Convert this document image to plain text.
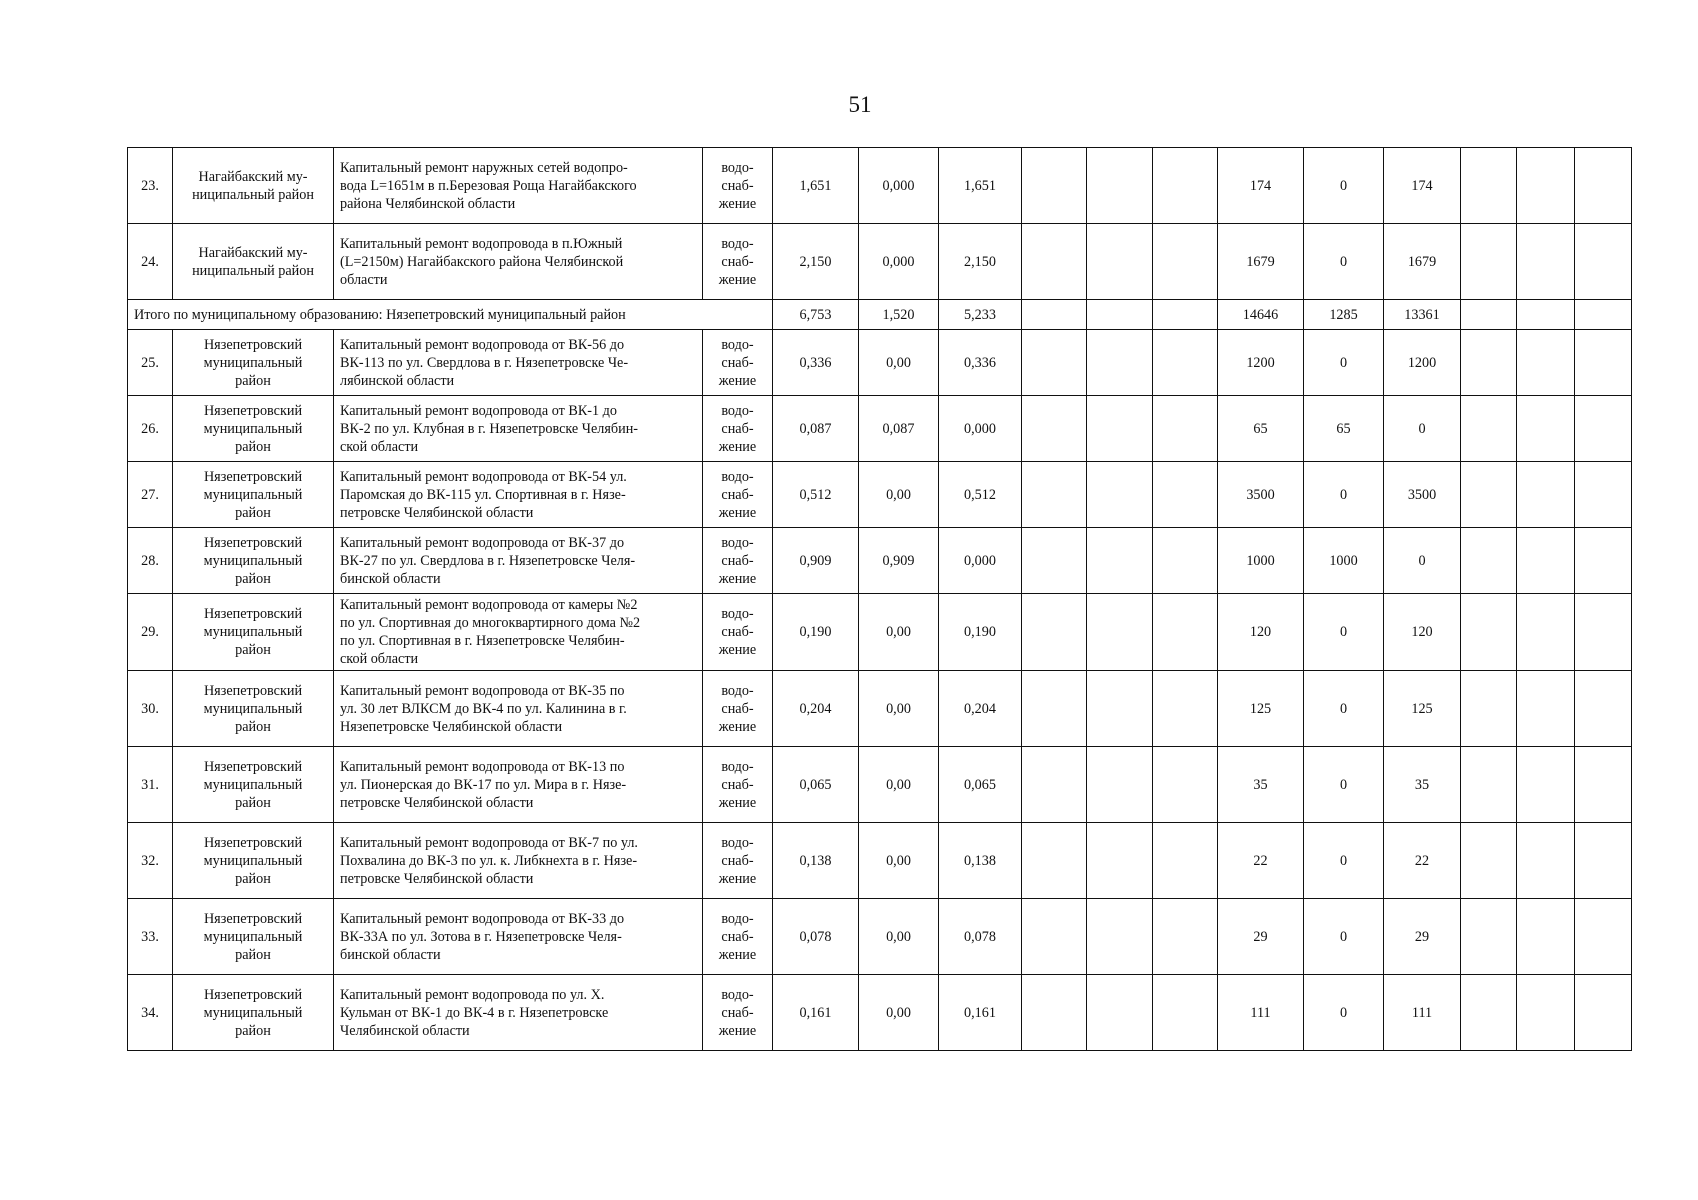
51
23.	Нагайбакский му-
ниципальный район	Капитальный ремонт наружных сетей водопро-
вода L=1651м в п.Березовая Роща Нагайбакского
района Челябинской области	водо-
снаб-
жение	1,651	0,000	1,651				174	0	174			
24.	Нагайбакский му-
ниципальный район	Капитальный ремонт водопровода в п.Южный
(L=2150м) Нагайбакского района Челябинской
области	водо-
снаб-
жение	2,150	0,000	2,150				1679	0	1679			
Итого по муниципальному образованию: Нязепетровский муниципальный район				6,753	1,520	5,233				14646	1285	13361			
25.	Нязепетровский
муниципальный
район	Капитальный ремонт водопровода от ВК-56 до
ВК-113 по ул. Свердлова в г. Нязепетровске Че-
лябинской области	водо-
снаб-
жение	0,336	0,00	0,336				1200	0	1200			
26.	Нязепетровский
муниципальный
район	Капитальный ремонт водопровода от ВК-1 до
ВК-2 по ул. Клубная в г. Нязепетровске Челябин-
ской области	водо-
снаб-
жение	0,087	0,087	0,000				65	65	0			
27.	Нязепетровский
муниципальный
район	Капитальный ремонт водопровода от ВК-54 ул.
Паромская до ВК-115 ул. Спортивная в г. Нязе-
петровске Челябинской области	водо-
снаб-
жение	0,512	0,00	0,512				3500	0	3500			
28.	Нязепетровский
муниципальный
район	Капитальный ремонт водопровода от ВК-37 до
ВК-27 по ул. Свердлова в г. Нязепетровске Челя-
бинской области	водо-
снаб-
жение	0,909	0,909	0,000				1000	1000	0			
29.	Нязепетровский
муниципальный
район	Капитальный ремонт водопровода от камеры №2
по ул. Спортивная до многоквартирного дома №2
по ул. Спортивная в г. Нязепетровске Челябин-
ской области	водо-
снаб-
жение	0,190	0,00	0,190				120	0	120			
30.	Нязепетровский
муниципальный
район	Капитальный ремонт водопровода от ВК-35 по
ул. 30 лет ВЛКСМ до ВК-4 по ул. Калинина в г.
Нязепетровске Челябинской области	водо-
снаб-
жение	0,204	0,00	0,204				125	0	125			
31.	Нязепетровский
муниципальный
район	Капитальный ремонт водопровода от ВК-13 по
ул. Пионерская до ВК-17 по ул. Мира в г. Нязе-
петровске Челябинской области	водо-
снаб-
жение	0,065	0,00	0,065				35	0	35			
32.	Нязепетровский
муниципальный
район	Капитальный ремонт водопровода от ВК-7 по ул.
Похвалина до ВК-3 по ул. к. Либкнехта в г. Нязе-
петровске Челябинской области	водо-
снаб-
жение	0,138	0,00	0,138				22	0	22			
33.	Нязепетровский
муниципальный
район	Капитальный ремонт водопровода от ВК-33 до
ВК-33А по ул. Зотова в г. Нязепетровске Челя-
бинской области	водо-
снаб-
жение	0,078	0,00	0,078				29	0	29			
34.	Нязепетровский
муниципальный
район	Капитальный ремонт водопровода по ул. Х.
Кульман от ВК-1 до ВК-4 в г. Нязепетровске
Челябинской области	водо-
снаб-
жение	0,161	0,00	0,161				111	0	111			
